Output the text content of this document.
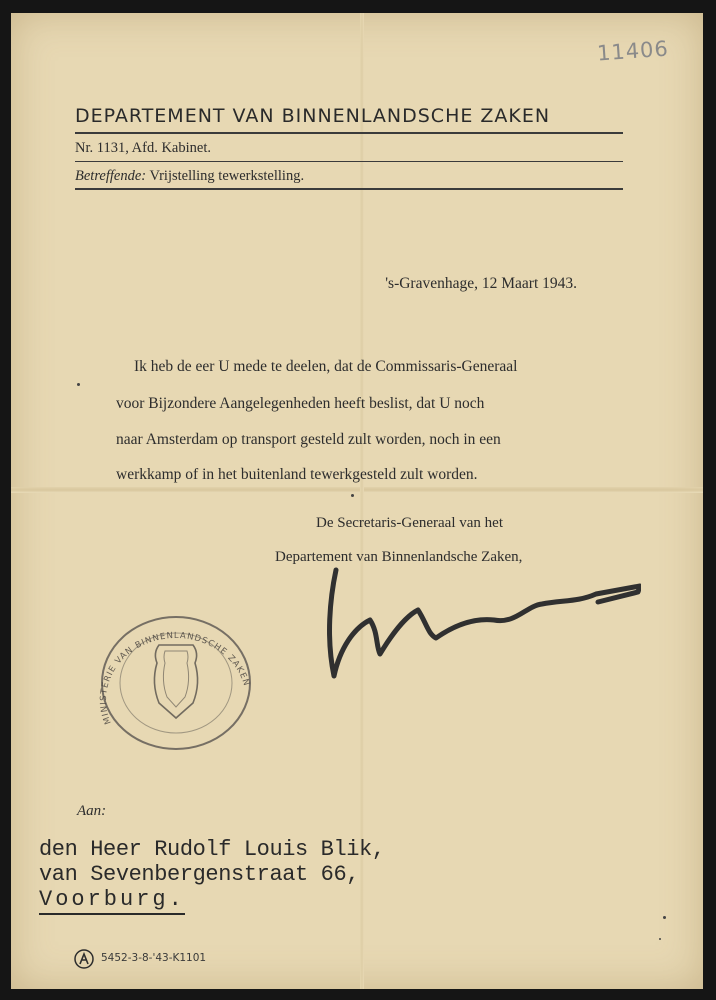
11406
DEPARTEMENT VAN BINNENLANDSCHE ZAKEN
Nr. 1131, Afd. Kabinet.
Betreffende: Vrijstelling tewerkstelling.
's-Gravenhage, 12 Maart 1943.
Ik heb de eer U mede te deelen, dat de Commissaris-Generaal
voor Bijzondere Aangelegenheden heeft beslist, dat U noch
naar Amsterdam op transport gesteld zult worden, noch in een
werkkamp of in het buitenland tewerkgesteld zult worden.
De Secretaris-Generaal van het
Departement van Binnenlandsche Zaken,
MINISTERIE VAN BINNENLANDSCHE ZAKEN
Aan:
den Heer Rudolf Louis Blik,
van Sevenbergenstraat 66,
Voorburg.
5452-3-8-'43-K1101
